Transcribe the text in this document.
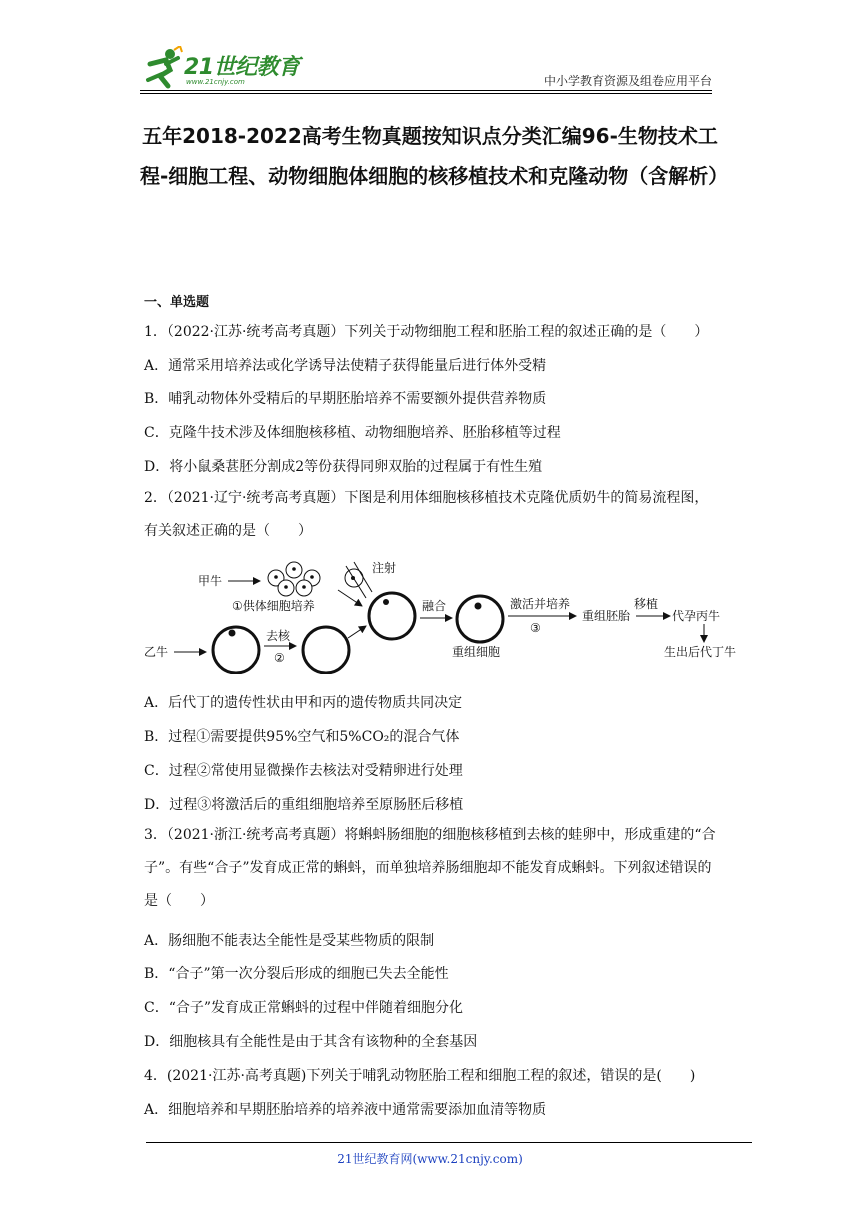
21世纪教育
www.21cnjy.com	中小学教育资源及组卷应用平台
五年2018-2022高考生物真题按知识点分类汇编96-生物技术工程-细胞工程、动物细胞体细胞的核移植技术和克隆动物（含解析）
一、单选题
1．（2022·江苏·统考高考真题）下列关于动物细胞工程和胚胎工程的叙述正确的是（　　）
A．通常采用培养法或化学诱导法使精子获得能量后进行体外受精
B．哺乳动物体外受精后的早期胚胎培养不需要额外提供营养物质
C．克隆牛技术涉及体细胞核移植、动物细胞培养、胚胎移植等过程
D．将小鼠桑葚胚分割成2等份获得同卵双胎的过程属于有性生殖
2．（2021·辽宁·统考高考真题）下图是利用体细胞核移植技术克隆优质奶牛的简易流程图，有关叙述正确的是（　　）
甲牛
①供体细胞培养
乙牛
去核
②
注射
融合
重组细胞
激活并培养
③
重组胚胎
移植
代孕丙牛
生出后代丁牛
A．后代丁的遗传性状由甲和丙的遗传物质共同决定
B．过程①需要提供95%空气和5%CO₂的混合气体
C．过程②常使用显微操作去核法对受精卵进行处理
D．过程③将激活后的重组细胞培养至原肠胚后移植
3．（2021·浙江·统考高考真题）将蝌蚪肠细胞的细胞核移植到去核的蛙卵中，形成重建的“合子”。有些“合子”发育成正常的蝌蚪，而单独培养肠细胞却不能发育成蝌蚪。下列叙述错误的是（　　）
A．肠细胞不能表达全能性是受某些物质的限制
B．“合子”第一次分裂后形成的细胞已失去全能性
C．“合子”发育成正常蝌蚪的过程中伴随着细胞分化
D．细胞核具有全能性是由于其含有该物种的全套基因
4．(2021·江苏·高考真题)下列关于哺乳动物胚胎工程和细胞工程的叙述，错误的是(　　)
A．细胞培养和早期胚胎培养的培养液中通常需要添加血清等物质
21世纪教育网(www.21cnjy.com)
